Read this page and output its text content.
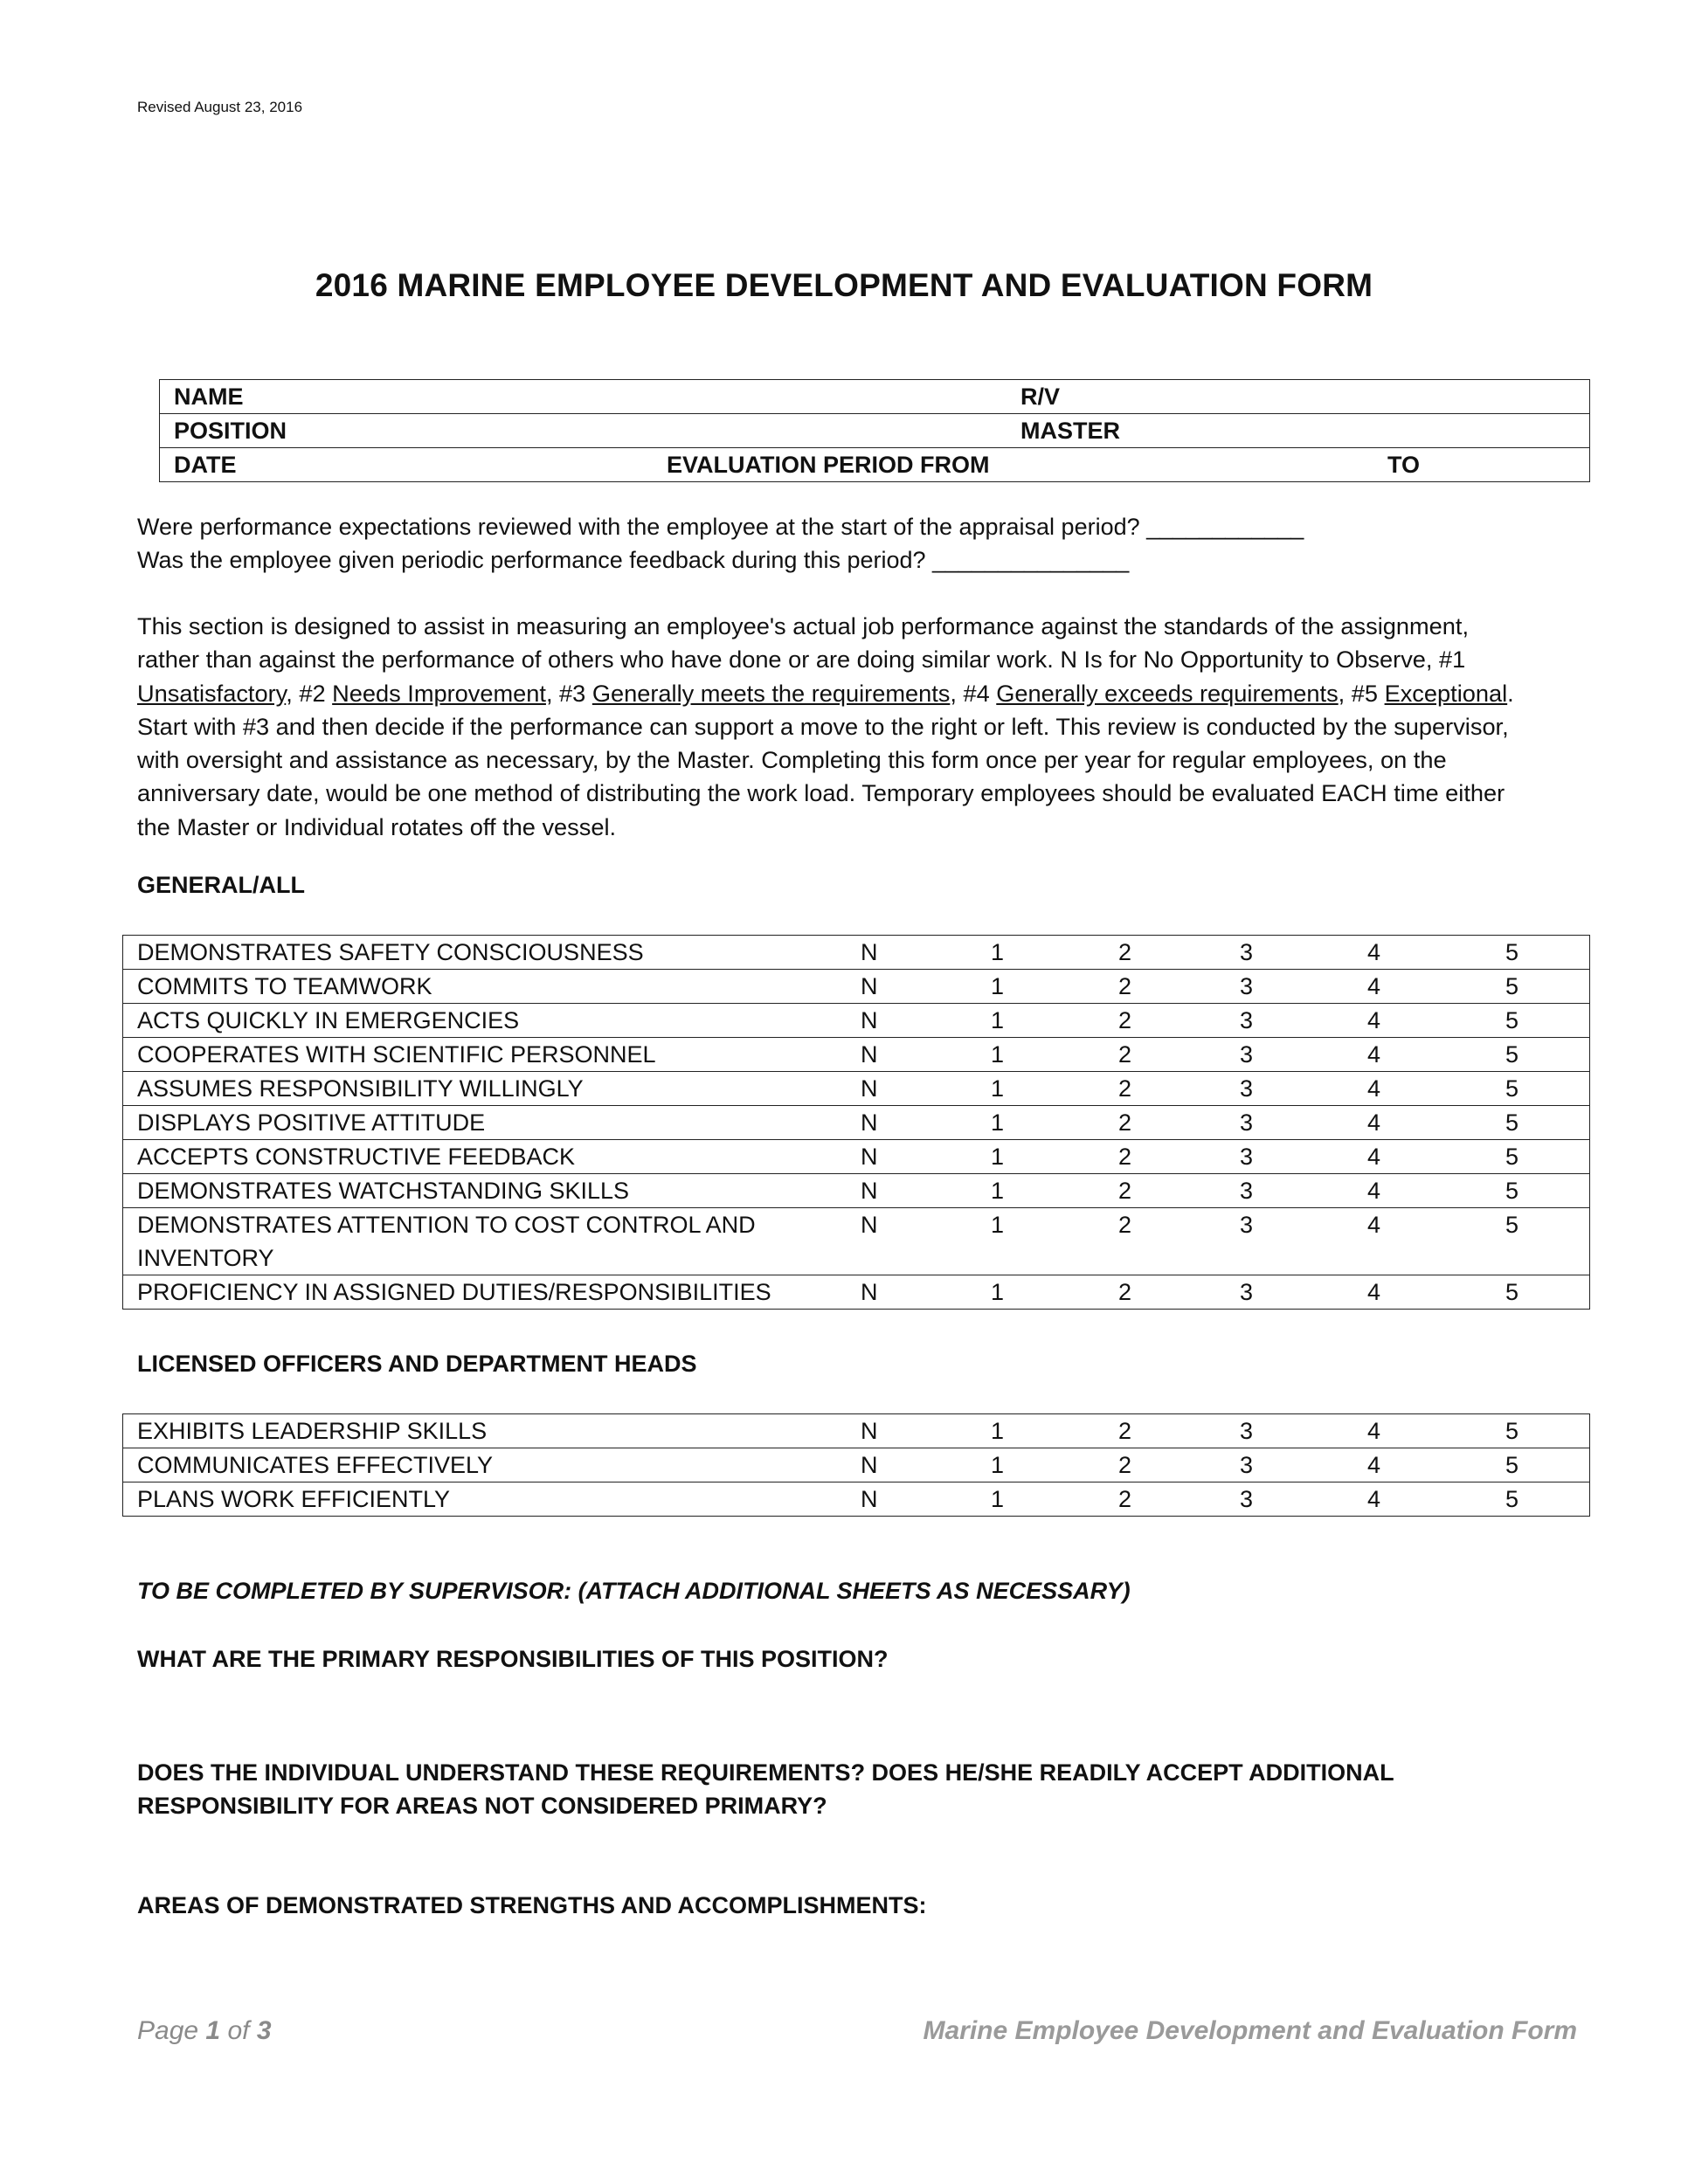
Revised August 23, 2016
2016 MARINE EMPLOYEE DEVELOPMENT AND EVALUATION FORM
NAME	R/V

POSITION	MASTER

DATE	EVALUATION PERIOD FROM	TO
Were performance expectations reviewed with the employee at the start of the appraisal period? ____________
Was the employee given periodic performance feedback during this period? _______________
This section is designed to assist in measuring an employee's actual job performance against the standards of the assignment, rather than against the performance of others who have done or are doing similar work. N Is for No Opportunity to Observe, #1 Unsatisfactory, #2 Needs Improvement, #3 Generally meets the requirements, #4 Generally exceeds requirements, #5 Exceptional. Start with #3 and then decide if the performance can support a move to the right or left. This review is conducted by the supervisor, with oversight and assistance as necessary, by the Master. Completing this form once per year for regular employees, on the anniversary date, would be one method of distributing the work load. Temporary employees should be evaluated EACH time either the Master or Individual rotates off the vessel.
GENERAL/ALL
DEMONSTRATES SAFETY CONSCIOUSNESS	N	1	2	3	4	5

COMMITS TO TEAMWORK	N	1	2	3	4	5

ACTS QUICKLY IN EMERGENCIES	N	1	2	3	4	5

COOPERATES WITH SCIENTIFIC PERSONNEL	N	1	2	3	4	5

ASSUMES RESPONSIBILITY WILLINGLY	N	1	2	3	4	5

DISPLAYS POSITIVE ATTITUDE	N	1	2	3	4	5

ACCEPTS CONSTRUCTIVE FEEDBACK	N	1	2	3	4	5

DEMONSTRATES WATCHSTANDING SKILLS	N	1	2	3	4	5

DEMONSTRATES ATTENTION TO COST CONTROL AND INVENTORY
N	1	2	3	4	5

PROFICIENCY IN ASSIGNED DUTIES/RESPONSIBILITIES	N	1	2	3	4	5
LICENSED OFFICERS AND DEPARTMENT HEADS
EXHIBITS LEADERSHIP SKILLS	N	1	2	3	4	5

COMMUNICATES EFFECTIVELY	N	1	2	3	4	5

PLANS WORK EFFICIENTLY	N	1	2	3	4	5
TO BE COMPLETED BY SUPERVISOR: (ATTACH ADDITIONAL SHEETS AS NECESSARY)
WHAT ARE THE PRIMARY RESPONSIBILITIES OF THIS POSITION?
DOES THE INDIVIDUAL UNDERSTAND THESE REQUIREMENTS? DOES HE/SHE READILY ACCEPT ADDITIONAL RESPONSIBILITY FOR AREAS NOT CONSIDERED PRIMARY?
AREAS OF DEMONSTRATED STRENGTHS AND ACCOMPLISHMENTS:
Page 1 of 3	Marine Employee Development and Evaluation Form
